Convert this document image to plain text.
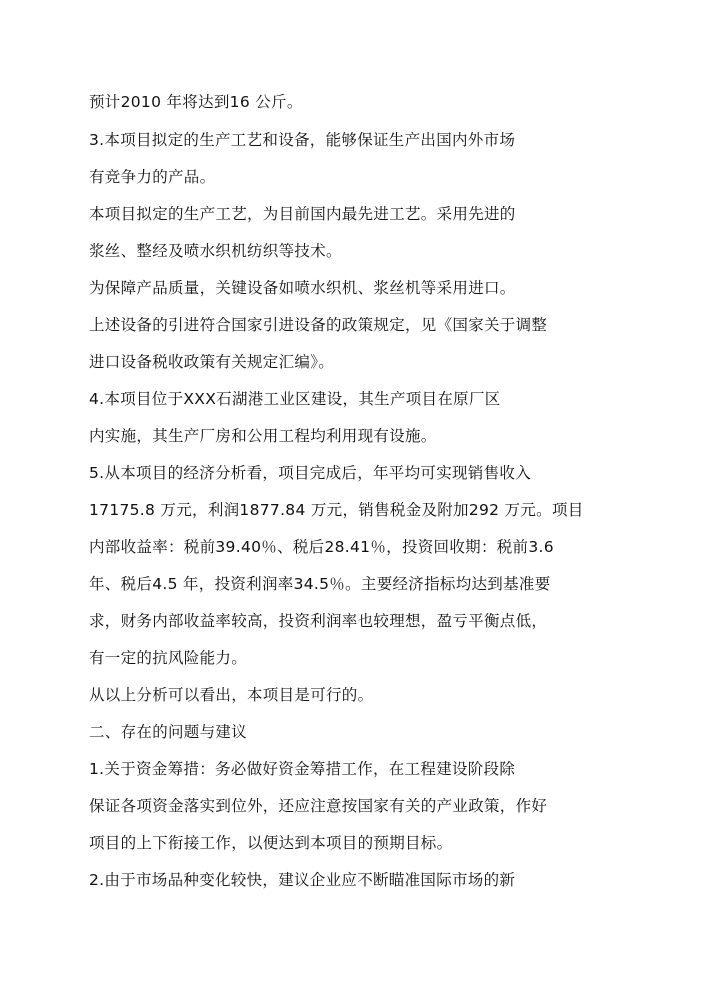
预计2010 年将达到16 公斤。
3.本项目拟定的生产工艺和设备，能够保证生产出国内外市场
有竞争力的产品。
本项目拟定的生产工艺，为目前国内最先进工艺。采用先进的
浆丝、整经及喷水织机纺织等技术。
为保障产品质量，关键设备如喷水织机、浆丝机等采用进口。
上述设备的引进符合国家引进设备的政策规定，见《国家关于调整
进口设备税收政策有关规定汇编》。
4.本项目位于XXX石湖港工业区建设，其生产项目在原厂区
内实施，其生产厂房和公用工程均利用现有设施。
5.从本项目的经济分析看，项目完成后，年平均可实现销售收入
17175.8 万元，利润1877.84 万元，销售税金及附加292 万元。项目
内部收益率：税前39.40％、税后28.41％，投资回收期：税前3.6
年、税后4.5 年，投资利润率34.5％。主要经济指标均达到基准要
求，财务内部收益率较高，投资利润率也较理想，盈亏平衡点低，
有一定的抗风险能力。
从以上分析可以看出，本项目是可行的。
二、存在的问题与建议
1.关于资金筹措：务必做好资金筹措工作，在工程建设阶段除
保证各项资金落实到位外，还应注意按国家有关的产业政策，作好
项目的上下衔接工作，以便达到本项目的预期目标。
2.由于市场品种变化较快，建议企业应不断瞄准国际市场的新
